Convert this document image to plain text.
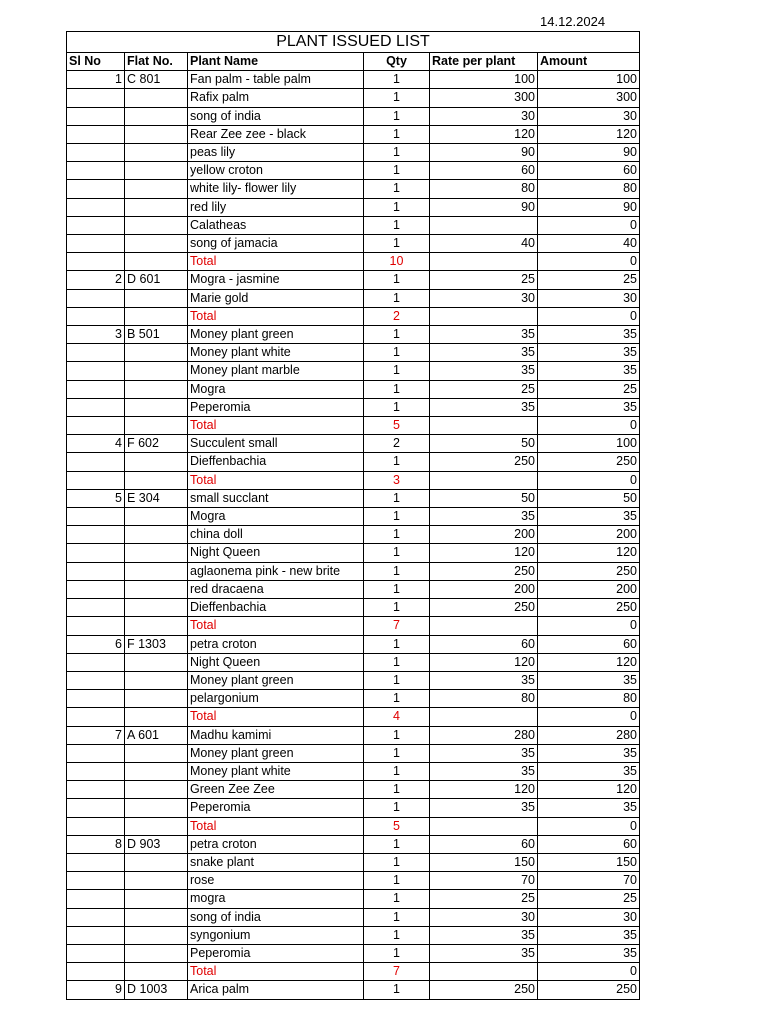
14.12.2024
PLANT ISSUED LIST					
Sl No	Flat No.	Plant Name	Qty	Rate per plant	Amount
1	C 801	Fan palm - table palm	1	100	100
		Rafix palm	1	300	300
		song of india	1	30	30
		Rear Zee zee - black	1	120	120
		peas lily	1	90	90
		yellow croton	1	60	60
		white lily- flower lily	1	80	80
		red lily	1	90	90
		Calatheas	1		0
		song of jamacia	1	40	40
		Total	10		0
2	D 601	Mogra - jasmine	1	25	25
		Marie gold	1	30	30
		Total	2		0
3	B 501	Money plant green	1	35	35
		Money plant white	1	35	35
		Money plant marble	1	35	35
		Mogra	1	25	25
		Peperomia	1	35	35
		Total	5		0
4	F 602	Succulent small	2	50	100
		Dieffenbachia	1	250	250
		Total	3		0
5	E 304	small succlant	1	50	50
		Mogra	1	35	35
		china doll	1	200	200
		Night Queen	1	120	120
		aglaonema pink - new brite	1	250	250
		red dracaena	1	200	200
		Dieffenbachia	1	250	250
		Total	7		0
6	F 1303	petra croton	1	60	60
		Night Queen	1	120	120
		Money plant green	1	35	35
		pelargonium	1	80	80
		Total	4		0
7	A 601	Madhu kamimi	1	280	280
		Money plant green	1	35	35
		Money plant white	1	35	35
		Green Zee Zee	1	120	120
		Peperomia	1	35	35
		Total	5		0
8	D 903	petra croton	1	60	60
		snake plant	1	150	150
		rose	1	70	70
		mogra	1	25	25
		song of india	1	30	30
		syngonium	1	35	35
		Peperomia	1	35	35
		Total	7		0
9	D 1003	Arica palm	1	250	250
